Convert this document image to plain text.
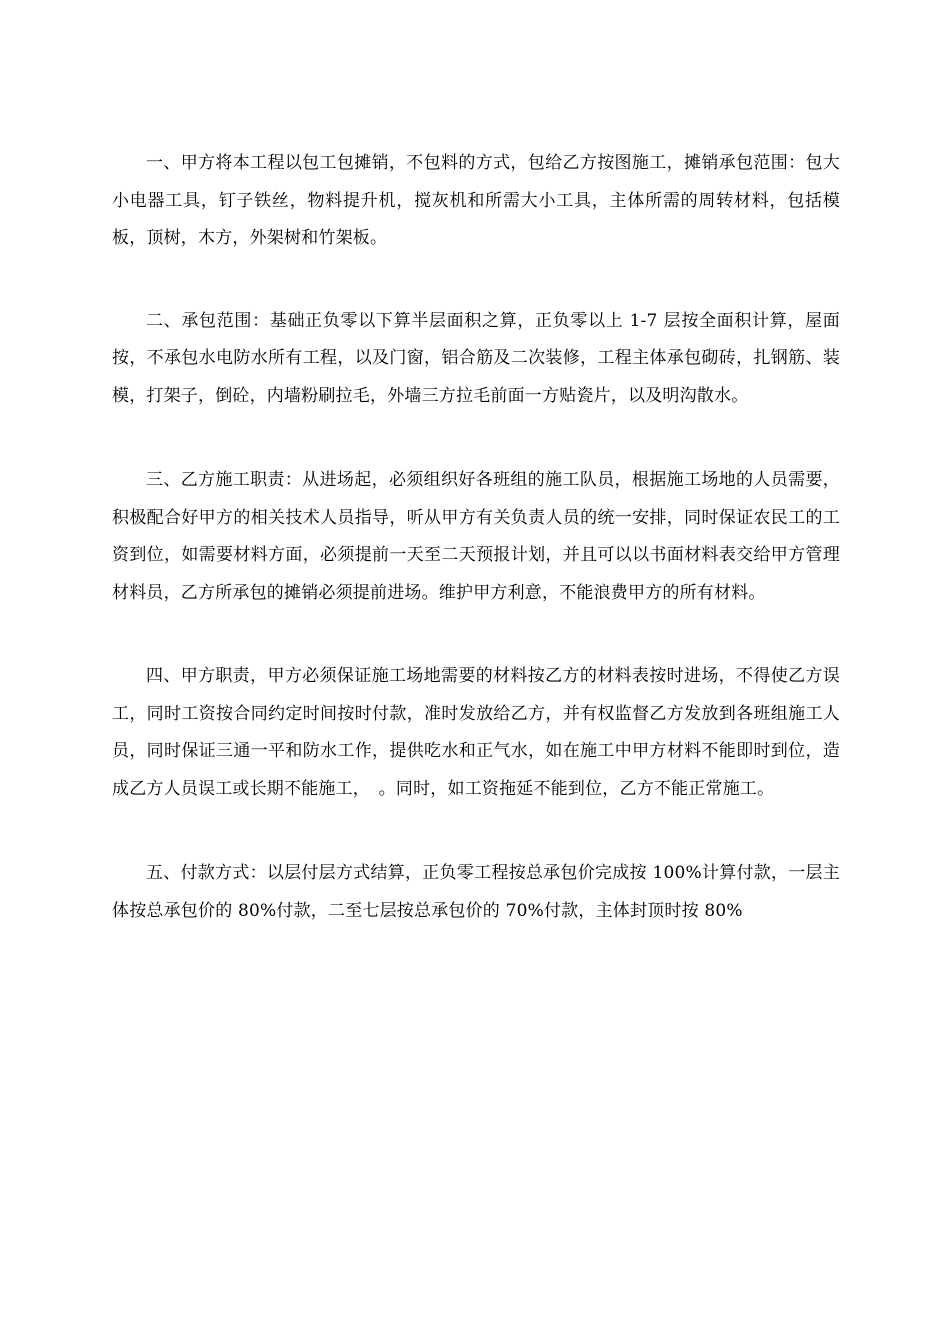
一、甲方将本工程以包工包摊销，不包料的方式，包给乙方按图施工，摊销承包范围：包大小电器工具，钉子铁丝，物料提升机，搅灰机和所需大小工具，主体所需的周转材料，包括模板，顶树，木方，外架树和竹架板。

二、承包范围：基础正负零以下算半层面积之算，正负零以上 1-7 层按全面积计算，屋面按，不承包水电防水所有工程，以及门窗，铝合筋及二次装修，工程主体承包砌砖，扎钢筋、装模，打架子，倒砼，内墙粉刷拉毛，外墙三方拉毛前面一方贴瓷片，以及明沟散水。

三、乙方施工职责：从进场起，必须组织好各班组的施工队员，根据施工场地的人员需要，积极配合好甲方的相关技术人员指导，听从甲方有关负责人员的统一安排，同时保证农民工的工资到位，如需要材料方面，必须提前一天至二天预报计划，并且可以以书面材料表交给甲方管理材料员，乙方所承包的摊销必须提前进场。维护甲方利意，不能浪费甲方的所有材料。

四、甲方职责，甲方必须保证施工场地需要的材料按乙方的材料表按时进场，不得使乙方误工，同时工资按合同约定时间按时付款，准时发放给乙方，并有权监督乙方发放到各班组施工人员，同时保证三通一平和防水工作，提供吃水和正气水，如在施工中甲方材料不能即时到位，造成乙方人员误工或长期不能施工，　。同时，如工资拖延不能到位，乙方不能正常施工。

五、付款方式：以层付层方式结算，正负零工程按总承包价完成按 100%计算付款，一层主体按总承包价的 80%付款，二至七层按总承包价的 70%付款，主体封顶时按 80%
